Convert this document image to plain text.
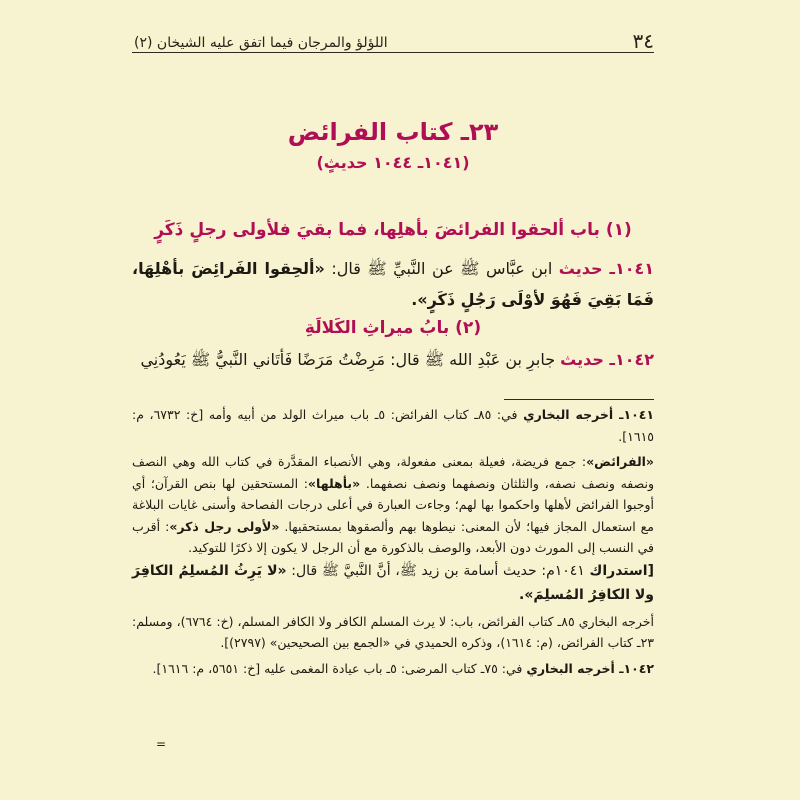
٣٤
اللؤلؤ والمرجان فيما اتفق عليه الشيخان (٢)
٢٣ـ كتاب الفرائض
(١٠٤١ـ ١٠٤٤ حديثٍ)
(١) باب ألحقوا الفرائضَ بأهلِها، فما بقيَ فلأولى رجلٍ ذَكَرٍ
١٠٤١ـ حديث ابن عبَّاس ﷺ عن النَّبيِّ ﷺ قال: «ألحِقوا الفَرائِضَ بأهْلِهَا، فَمَا بَقِيَ فَهُوَ لأوْلَى رَجُلٍ ذَكَرٍ».
(٢) بابُ ميراثِ الكَلالَةِ
١٠٤٢ـ حديث جابرِ بن عَبْدِ الله ﷺ قال: مَرِضْتُ مَرَضًا فَأتَاني النَّبيُّ ﷺ يَعُودُنِي

١٠٤١ـ أخرجه البخاري في: ٨٥ـ كتاب الفرائض: ٥ـ باب ميراث الولد من أبيه وأمه [خ: ٦٧٣٢، م: ١٦١٥].

«الفرائض»: جمع فريضة، فعيلة بمعنى مفعولة، وهي الأنصباء المقدَّرة في كتاب الله وهي النصف ونصفه ونصف نصفه، والثلثان ونصفهما ونصف نصفهما. «بأهلها»: المستحقين لها بنص القرآن؛ أي أوجبوا الفرائض لأهلها واحكموا بها لهم؛ وجاءت العبارة في أعلى درجات الفصاحة وأسنى غايات البلاغة مع استعمال المجاز فيها؛ لأن المعنى: نيطوها بهم وألصقوها بمستحقيها. «لأولى رجل ذكر»: أقرب في النسب إلى المورث دون الأبعد، والوصف بالذكورة مع أن الرجل لا يكون إلا ذكرًا للتوكيد.

[استدراك ١٠٤١م: حديث أسامة بن زيد ﷺ، أنَّ النَّبيَّ ﷺ قال: «لا يَرِثُ المُسلِمُ الكافِرَ ولا الكافِرُ المُسلِمَ».

أخرجه البخاري ٨٥ـ كتاب الفرائض، باب: لا يرث المسلم الكافر ولا الكافر المسلم، (خ: ٦٧٦٤)، ومسلم: ٢٣ـ كتاب الفرائض، (م: ١٦١٤)، وذكره الحميدي في «الجمع بين الصحيحين» (٢٧٩٧)].

١٠٤٢ـ أخرجه البخاري في: ٧٥ـ كتاب المرضى: ٥ـ باب عيادة المغمى عليه [خ: ٥٦٥١، م: ١٦١٦].

=
